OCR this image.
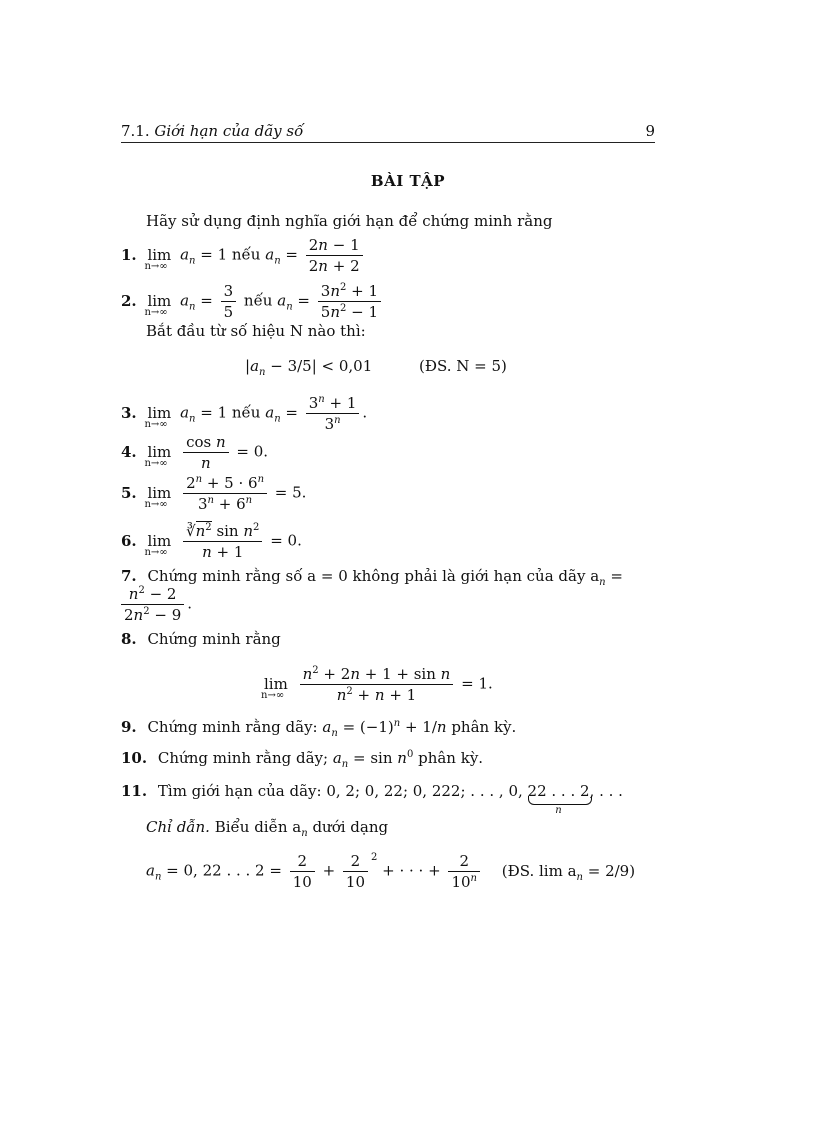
7.1. Giới hạn của dãy số	9
BÀI TẬP
Hãy sử dụng định nghĩa giới hạn để chứng minh rằng
1. lim
n→∞
$a_n = 1$ nếu $a_n = \frac{2n - 1}{2n + 2}$
2. lim
n→∞
$a_n = \frac{3}{5}$ nếu $a_n = \frac{3n^2 + 1}{5n^2 - 1}$
Bắt đầu từ số hiệu N nào thì:
$|a_n - 3/5| < 0,01$	(ĐS. N = 5)
3. lim
n→∞
$a_n = 1$ nếu $a_n = \frac{3^n + 1}{3^n}$ .
4. lim
n→∞
$\frac{\text{cos n}}{n} = 0$.
5. lim
n→∞
$\frac{2^n + 5 \cdot 6^n}{3^n + 6^n} = 5$.
6. lim
n→∞
$\frac{∛n^2 \sin n^2}{n + 1} = 0$.
7. Chứng minh rằng số a = 0 không phải là giới hạn của dãy $a_n$ =
$\frac{n^2 - 2}{2n^2 - 9}$ .
8. Chứng minh rằng
lim
n→∞
$\frac{n^2 + 2n + 1 + \sin n}{n^2 + n + 1} = 1$.
9. Chứng minh rằng dãy: $a_n = (-1)^n + 1/n$ phân kỳ.
10. Chứng minh rằng dãy; $a_n = \sin n^0$ phân kỳ.
11. Tìm giới hạn của dãy: 0, 2; 0, 22; 0, 222; . . . , 0, 22 . . . 2
n
, . . .
Chỉ dẫn. Biểu diễn $a_n$ dưới dạng
$a_n = 0$, 22 . . . $2 = \frac{2}{10} + \frac{2}{10} ^2$ + · · · + $\frac{2}{10^n}$ (ĐS. $\lim a_n = 2/9$)
